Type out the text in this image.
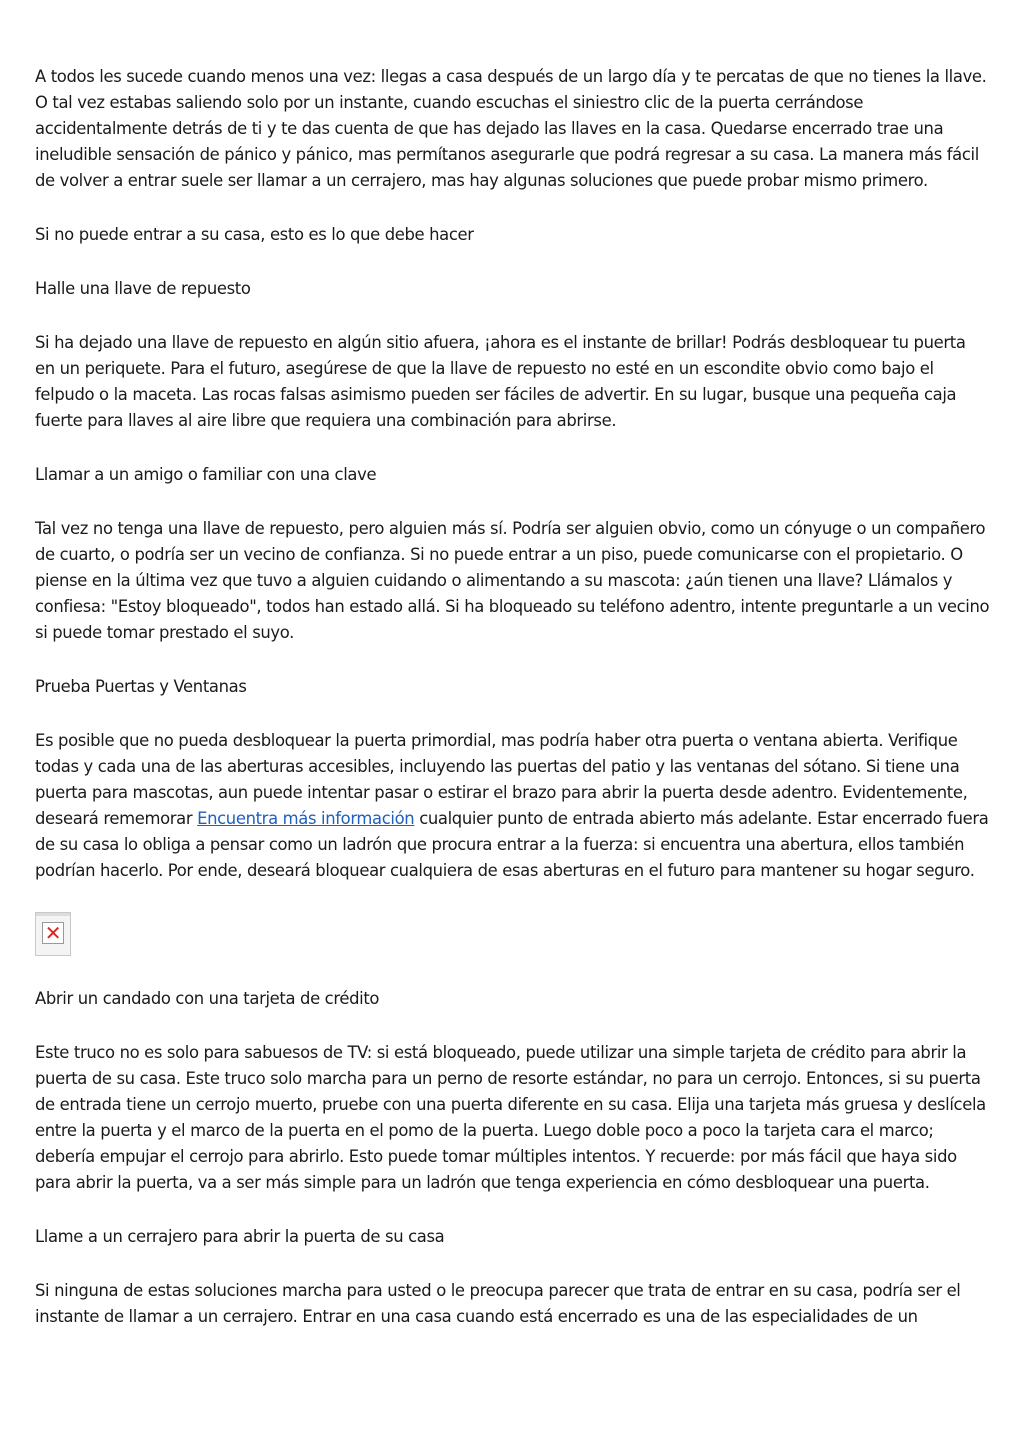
A todos les sucede cuando menos una vez: llegas a casa después de un largo día y te percatas de que no tienes la llave. O tal vez estabas saliendo solo por un instante, cuando escuchas el siniestro clic de la puerta cerrándose accidentalmente detrás de ti y te das cuenta de que has dejado las llaves en la casa. Quedarse encerrado trae una ineludible sensación de pánico y pánico, mas permítanos asegurarle que podrá regresar a su casa. La manera más fácil de volver a entrar suele ser llamar a un cerrajero, mas hay algunas soluciones que puede probar mismo primero.

Si no puede entrar a su casa, esto es lo que debe hacer

Halle una llave de repuesto

Si ha dejado una llave de repuesto en algún sitio afuera, ¡ahora es el instante de brillar! Podrás desbloquear tu puerta en un periquete. Para el futuro, asegúrese de que la llave de repuesto no esté en un escondite obvio como bajo el felpudo o la maceta. Las rocas falsas asimismo pueden ser fáciles de advertir. En su lugar, busque una pequeña caja fuerte para llaves al aire libre que requiera una combinación para abrirse.

Llamar a un amigo o familiar con una clave

Tal vez no tenga una llave de repuesto, pero alguien más sí. Podría ser alguien obvio, como un cónyuge o un compañero de cuarto, o podría ser un vecino de confianza. Si no puede entrar a un piso, puede comunicarse con el propietario. O piense en la última vez que tuvo a alguien cuidando o alimentando a su mascota: ¿aún tienen una llave? Llámalos y confiesa: "Estoy bloqueado", todos han estado allá. Si ha bloqueado su teléfono adentro, intente preguntarle a un vecino si puede tomar prestado el suyo.

Prueba Puertas y Ventanas

Es posible que no pueda desbloquear la puerta primordial, mas podría haber otra puerta o ventana abierta. Verifique todas y cada una de las aberturas accesibles, incluyendo las puertas del patio y las ventanas del sótano. Si tiene una puerta para mascotas, aun puede intentar pasar o estirar el brazo para abrir la puerta desde adentro. Evidentemente, deseará rememorar Encuentra más información cualquier punto de entrada abierto más adelante. Estar encerrado fuera de su casa lo obliga a pensar como un ladrón que procura entrar a la fuerza: si encuentra una abertura, ellos también podrían hacerlo. Por ende, deseará bloquear cualquiera de esas aberturas en el futuro para mantener su hogar seguro.

✕

Abrir un candado con una tarjeta de crédito

Este truco no es solo para sabuesos de TV: si está bloqueado, puede utilizar una simple tarjeta de crédito para abrir la puerta de su casa. Este truco solo marcha para un perno de resorte estándar, no para un cerrojo. Entonces, si su puerta de entrada tiene un cerrojo muerto, pruebe con una puerta diferente en su casa. Elija una tarjeta más gruesa y deslícela entre la puerta y el marco de la puerta en el pomo de la puerta. Luego doble poco a poco la tarjeta cara el marco; debería empujar el cerrojo para abrirlo. Esto puede tomar múltiples intentos. Y recuerde: por más fácil que haya sido para abrir la puerta, va a ser más simple para un ladrón que tenga experiencia en cómo desbloquear una puerta.

Llame a un cerrajero para abrir la puerta de su casa

Si ninguna de estas soluciones marcha para usted o le preocupa parecer que trata de entrar en su casa, podría ser el instante de llamar a un cerrajero. Entrar en una casa cuando está encerrado es una de las especialidades de un
